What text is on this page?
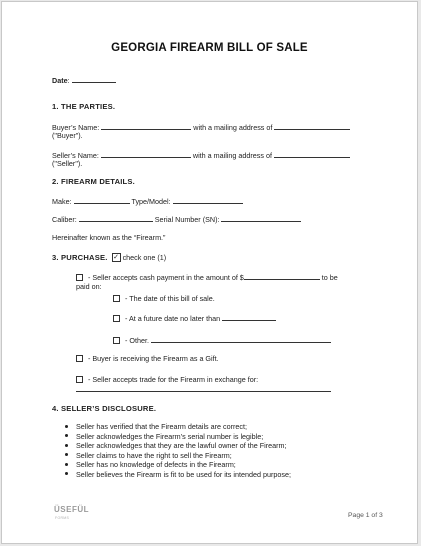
GEORGIA FIREARM BILL OF SALE
Date:
1. THE PARTIES.
Buyer’s Name:	with a mailing address of
("Buyer").
Seller’s Name:	with a mailing address of
("Seller").
2. FIREARM DETAILS.
Make:	Type/Model:
Caliber:	Serial Number (SN):
Hereinafter known as the “Firearm.”
3. PURCHASE. ✓ check one (1)
- Seller accepts cash payment in the amount of $	to be
paid on:
- The date of this bill of sale.
- At a future date no later than
- Other.
- Buyer is receiving the Firearm as a Gift.
- Seller accepts trade for the Firearm in exchange for:
4. SELLER’S DISCLOSURE.
Seller has verified that the Firearm details are correct;
Seller acknowledges the Firearm’s serial number is legible;
Seller acknowledges that they are the lawful owner of the Firearm;
Seller claims to have the right to sell the Firearm;
Seller has no knowledge of defects in the Firearm;
Seller believes the Firearm is fit to be used for its intended purpose;
ÜSEFÜL
FORMS	Page 1 of 3
